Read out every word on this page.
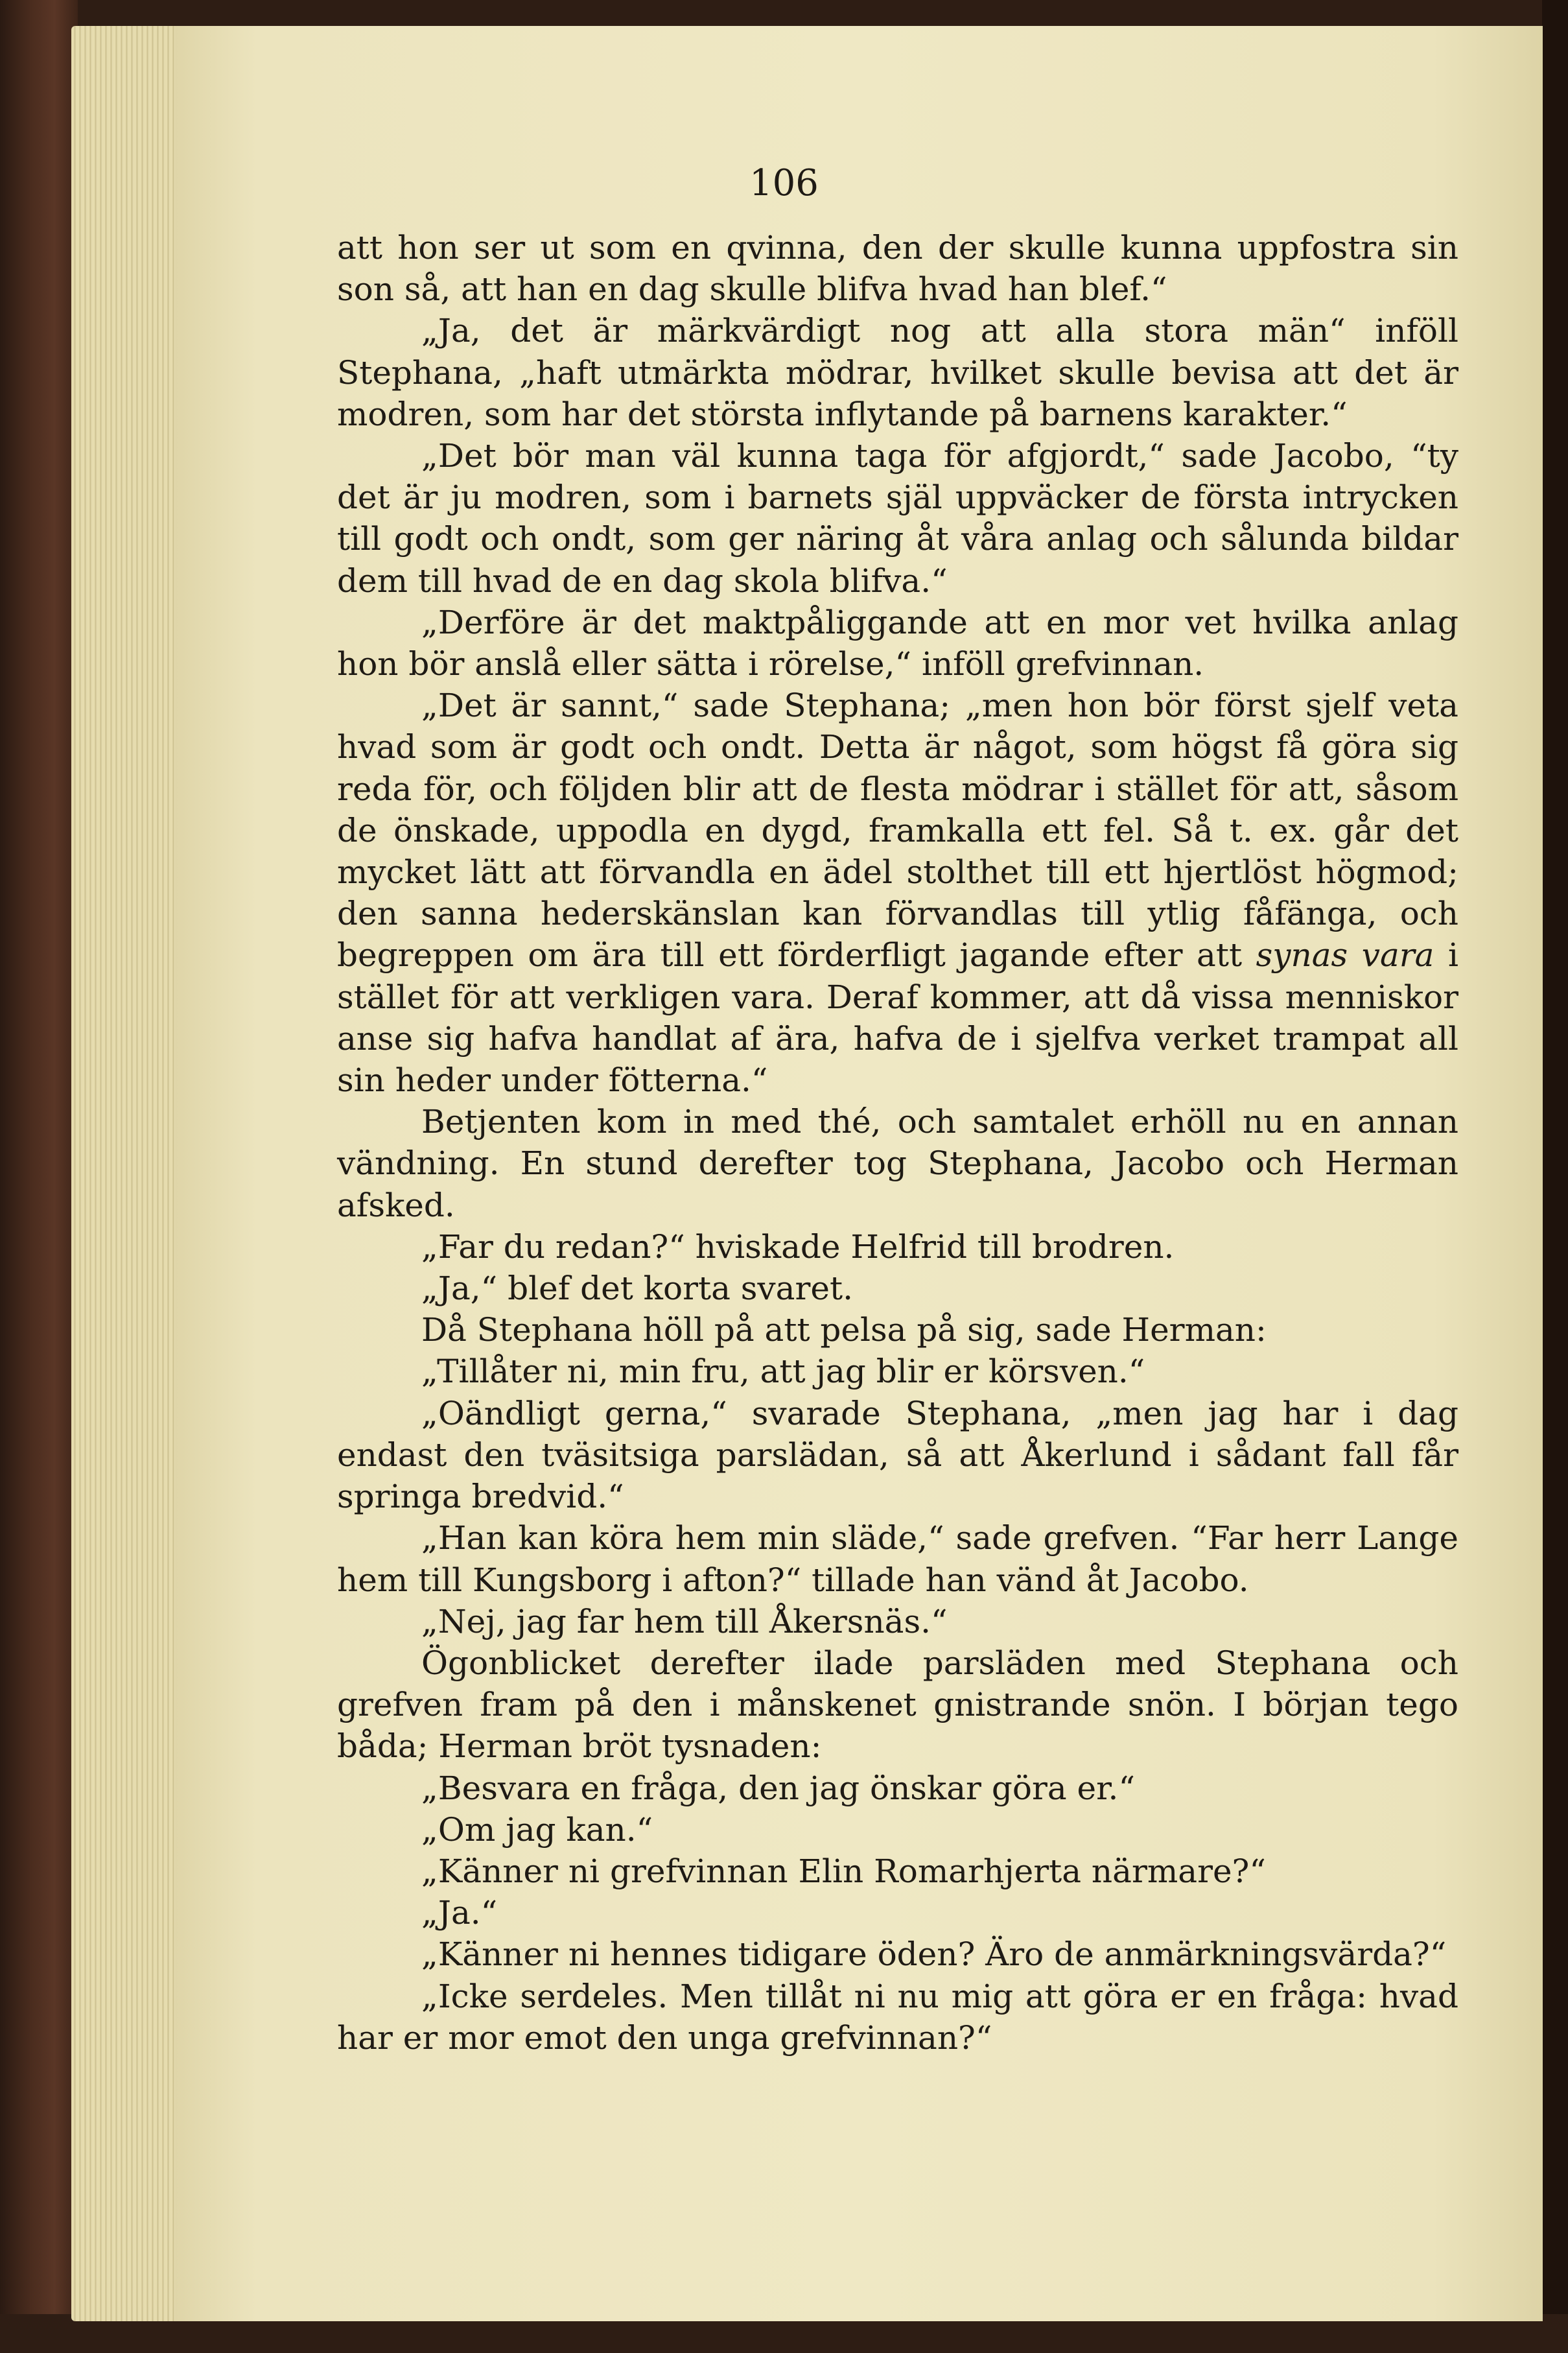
106

att hon ser ut som en qvinna, den der skulle kunna uppfostra sin son så, att han en dag skulle blifva hvad han blef.“

„Ja, det är märkvärdigt nog att alla stora män“ inföll Stephana, „haft utmärkta mödrar, hvilket skulle bevisa att det är modren, som har det största inflytande på barnens karakter.“

„Det bör man väl kunna taga för afgjordt,“ sade Jacobo, “ty det är ju modren, som i barnets själ uppväcker de första intrycken till godt och ondt, som ger näring åt våra anlag och sålunda bildar dem till hvad de en dag skola blifva.“

„Derföre är det maktpåliggande att en mor vet hvilka anlag hon bör anslå eller sätta i rörelse,“ inföll grefvinnan.

„Det är sannt,“ sade Stephana; „men hon bör först sjelf veta hvad som är godt och ondt. Detta är något, som högst få göra sig reda för, och följden blir att de flesta mödrar i stället för att, såsom de önskade, uppodla en dygd, framkalla ett fel. Så t. ex. går det mycket lätt att förvandla en ädel stolthet till ett hjertlöst högmod; den sanna hederskänslan kan förvandlas till ytlig fåfänga, och begreppen om ära till ett förderfligt jagande efter att synas vara i stället för att verkligen vara. Deraf kommer, att då vissa menniskor anse sig hafva handlat af ära, hafva de i sjelfva verket trampat all sin heder under fötterna.“

Betjenten kom in med thé, och samtalet erhöll nu en annan vändning. En stund derefter tog Stephana, Jacobo och Herman afsked.

„Far du redan?“ hviskade Helfrid till brodren.

„Ja,“ blef det korta svaret.

Då Stephana höll på att pelsa på sig, sade Herman:

„Tillåter ni, min fru, att jag blir er körsven.“

„Oändligt gerna,“ svarade Stephana, „men jag har i dag endast den tväsitsiga parslädan, så att Åkerlund i sådant fall får springa bredvid.“

„Han kan köra hem min släde,“ sade grefven. “Far herr Lange hem till Kungsborg i afton?“ tillade han vänd åt Jacobo.

„Nej, jag far hem till Åkersnäs.“

Ögonblicket derefter ilade parsläden med Stephana och grefven fram på den i månskenet gnistrande snön. I början tego båda; Herman bröt tysnaden:

„Besvara en fråga, den jag önskar göra er.“

„Om jag kan.“

„Känner ni grefvinnan Elin Romarhjerta närmare?“

„Ja.“

„Känner ni hennes tidigare öden? Äro de anmärkningsvärda?“

„Icke serdeles. Men tillåt ni nu mig att göra er en fråga: hvad har er mor emot den unga grefvinnan?“
